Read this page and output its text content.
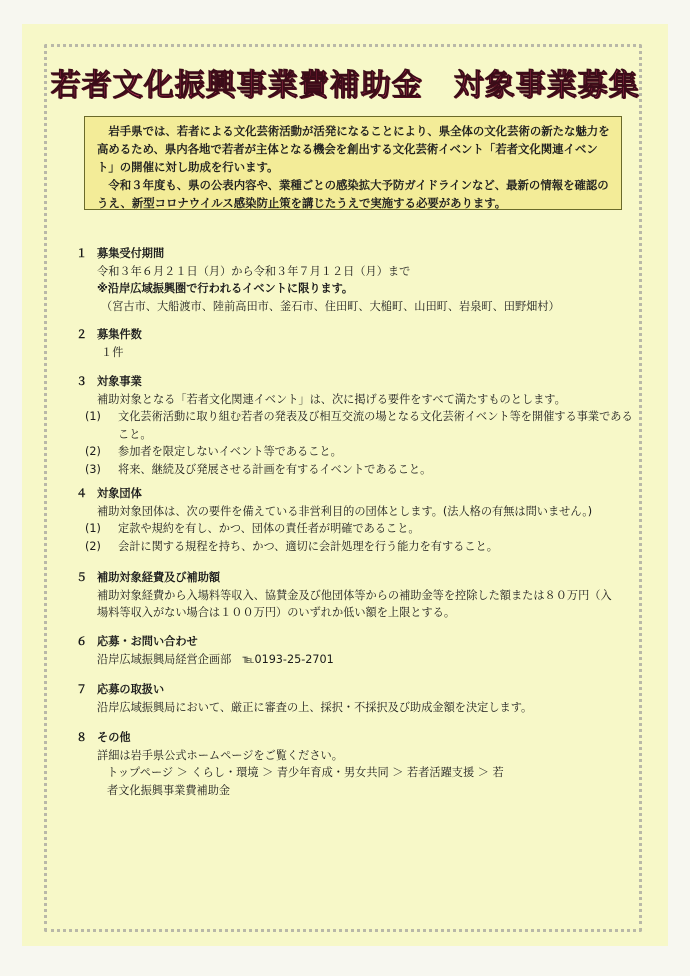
若者文化振興事業費補助金　対象事業募集

岩手県では、若者による文化芸術活動が活発になることにより、県全体の文化芸術の新たな魅力を高めるため、県内各地で若者が主体となる機会を創出する文化芸術イベント「若者文化関連イベント」の開催に対し助成を行います。

令和３年度も、県の公表内容や、業種ごとの感染拡大予防ガイドラインなど、最新の情報を確認のうえ、新型コロナウイルス感染防止策を講じたうえで実施する必要があります。

１ 募集受付期間
令和３年６月２１日（月）から令和３年７月１２日（月）まで
※沿岸広域振興圏で行われるイベントに限ります。
（宮古市、大船渡市、陸前高田市、釜石市、住田町、大槌町、山田町、岩泉町、田野畑村）
２ 募集件数
１件
３ 対象事業
補助対象となる「若者文化関連イベント」は、次に掲げる要件をすべて満たすものとします。
(1)	文化芸術活動に取り組む若者の発表及び相互交流の場となる文化芸術イベント等を開催する事業であること。
(2)	参加者を限定しないイベント等であること。
(3)	将来、継続及び発展させる計画を有するイベントであること。
４ 対象団体
補助対象団体は、次の要件を備えている非営利目的の団体とします。(法人格の有無は問いません。)
(1)	定款や規約を有し、かつ、団体の責任者が明確であること。
(2)	会計に関する規程を持ち、かつ、適切に会計処理を行う能力を有すること。
５ 補助対象経費及び補助額
補助対象経費から入場料等収入、協賛金及び他団体等からの補助金等を控除した額または８０万円（入
場料等収入がない場合は１００万円）のいずれか低い額を上限とする。
６ 応募・お問い合わせ
沿岸広域振興局経営企画部　℡0193-25-2701
７ 応募の取扱い
沿岸広域振興局において、厳正に審査の上、採択・不採択及び助成金額を決定します。
８ その他
詳細は岩手県公式ホームページをご覧ください。
トップページ ＞ くらし・環境 ＞ 青少年育成・男女共同 ＞ 若者活躍支援 ＞ 若
者文化振興事業費補助金
